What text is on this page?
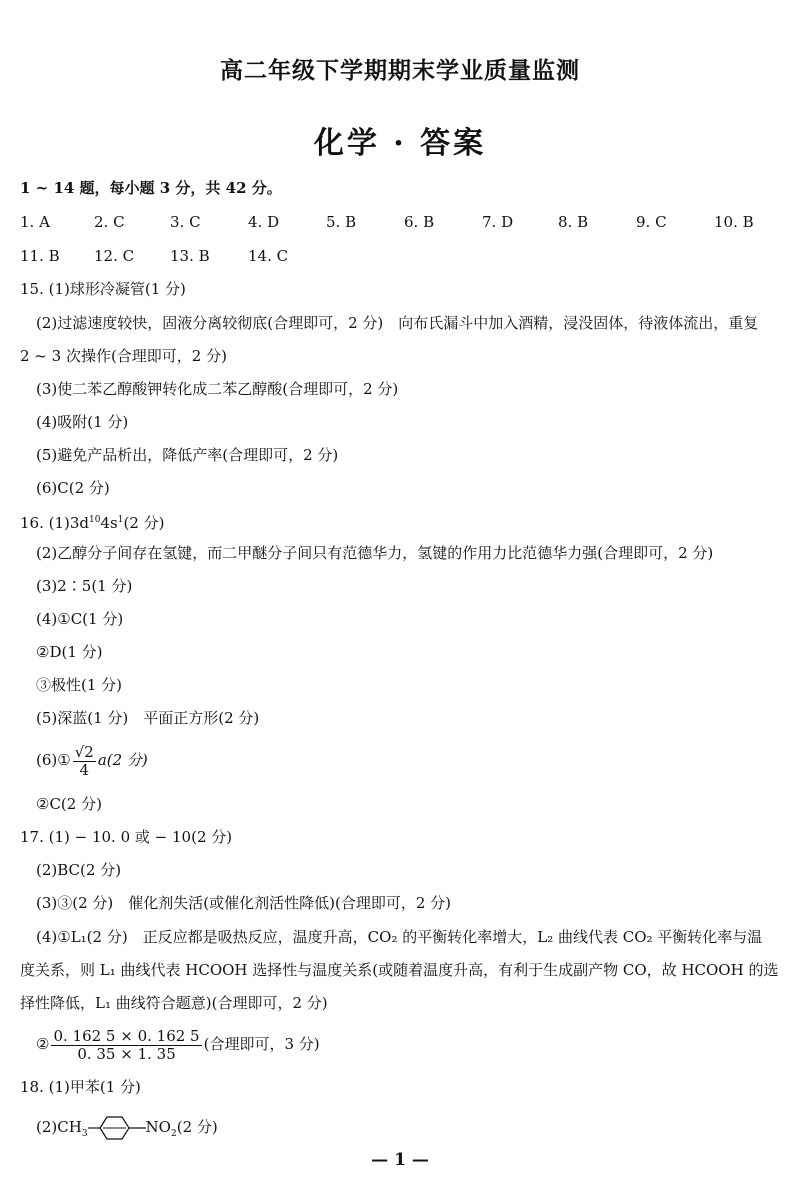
高二年级下学期期末学业质量监测
化学 · 答案
1 ~ 14 题，每小题 3 分，共 42 分。
1. A	2. C	3. C	4. D	5. B	6. B	7. D	8. B	9. C	10. B
11. B 12. C 13. B	14. C
15. (1)球形冷凝管(1 分)
(2)过滤速度较快，固液分离较彻底(合理即可，2 分)　向布氏漏斗中加入酒精，浸没固体，待液体流出，重复
2 ~ 3 次操作(合理即可，2 分)
(3)使二苯乙醇酸钾转化成二苯乙醇酸(合理即可，2 分)
(4)吸附(1 分)
(5)避免产品析出，降低产率(合理即可，2 分)
(6)C(2 分)
16. $(1)3d^{10}4s^1(2$ 分)
(2)乙醇分子间存在氢键，而二甲醚分子间只有范德华力，氢键的作用力比范德华力强(合理即可，2 分)
(3)2∶5(1 分)
(4)①C(1 分)
②D(1 分)
③极性(1 分)
(5)深蓝(1 分)　平面正方形(2 分)
(6)① $\frac{√2}{4} a(2$ 分)
②C(2 分)
17. (1) − 10. 0 或 − 10(2 分)
(2)BC(2 分)
(3)③(2 分)　催化剂失活(或催化剂活性降低)(合理即可，2 分)
(4)①L₁(2 分)　正反应都是吸热反应，温度升高，CO₂ 的平衡转化率增大，L₂ 曲线代表 CO₂ 平衡转化率与温
度关系，则 L₁ 曲线代表 HCOOH 选择性与温度关系(或随着温度升高，有利于生成副产物 CO，故 HCOOH 的选
择性降低，L₁ 曲线符合题意)(合理即可，2 分)
② $\frac{0. 162 5 \times 0. 162 5}{0. 35 \times 1. 35}$ (合理即可，3 分)
18. (1)甲苯(1 分)
$(2)CH_3$	$NO_2(2$ 分)
— 1 —
